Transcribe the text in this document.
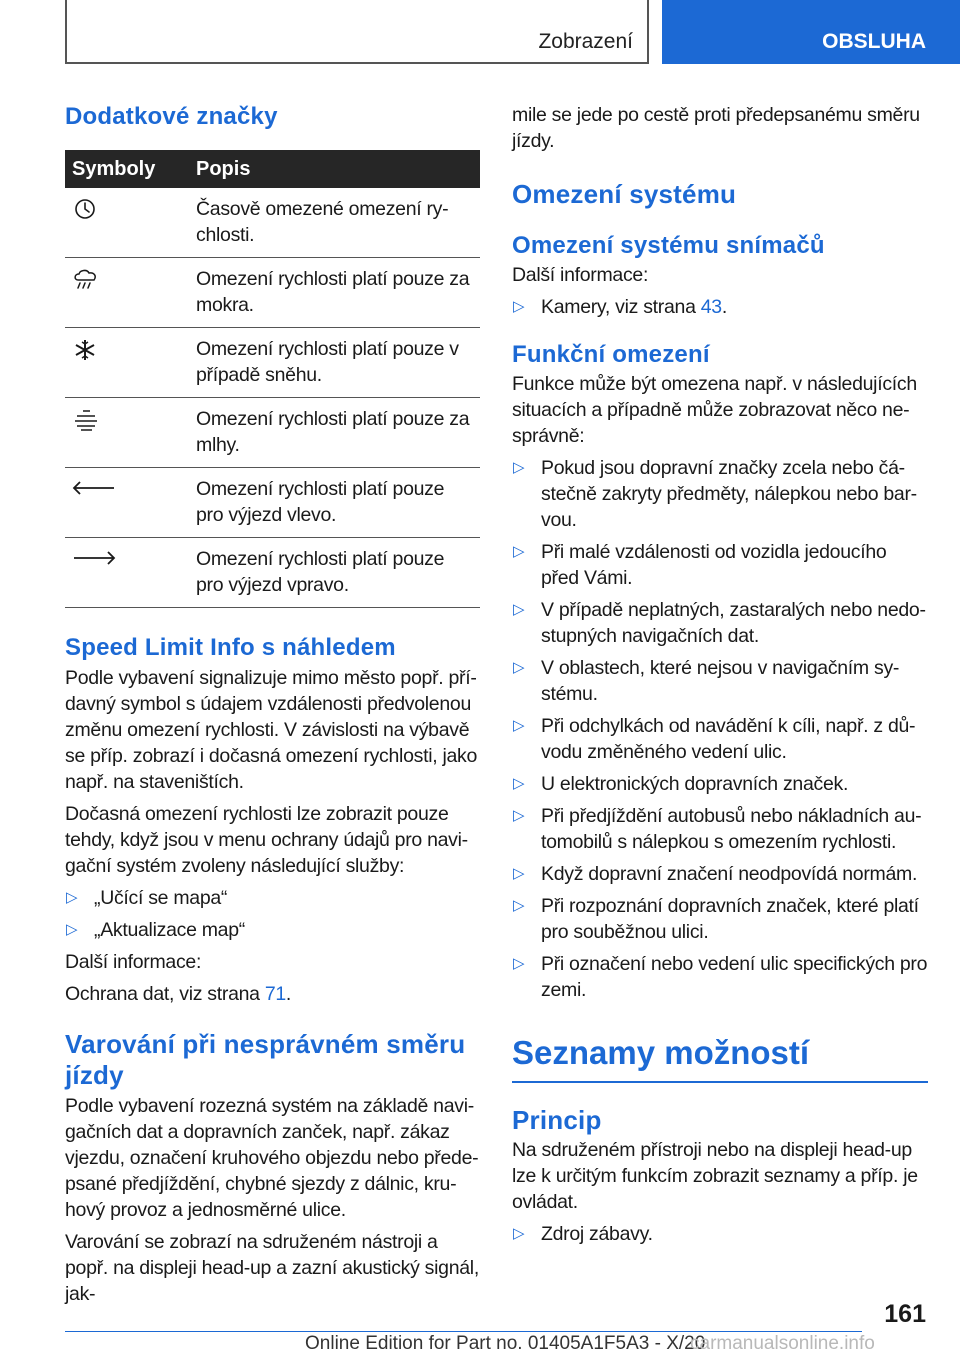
Zobrazení	OBSLUHA
Dodatkové značky
Symboly	Popis

	Časově omezené omezení ry-chlosti.

	Omezení rychlosti platí pouze za mokra.

	Omezení rychlosti platí pouze v případě sněhu.

	Omezení rychlosti platí pouze za mlhy.

	Omezení rychlosti platí pouze pro výjezd vlevo.

	Omezení rychlosti platí pouze pro výjezd vpravo.
Speed Limit Info s náhledem

Podle vybavení signalizuje mimo město popř. pří-davný symbol s údajem vzdálenosti předvolenou změnu omezení rychlosti. V závislosti na výbavě se příp. zobrazí i dočasná omezení rychlosti, jako např. na staveništích.

Dočasná omezení rychlosti lze zobrazit pouze tehdy, když jsou v menu ochrany údajů pro navi-gační systém zvoleny následující služby:

▷ „Učící se mapa“
▷ „Aktualizace map“

Další informace:

Ochrana dat, viz strana 71.

Varování při nesprávném směru jízdy

Podle vybavení rozezná systém na základě navi-gačních dat a dopravních zanček, např. zákaz vjezdu, označení kruhového objezdu nebo přede-psané předjíždění, chybné sjezdy z dálnic, kru-hový provoz a jednosměrné ulice.

Varování se zobrazí na sdruženém nástroji a popř. na displeji head-up a zazní akustický signál, jak-

mile se jede po cestě proti předepsanému směru jízdy.

Omezení systému
Omezení systému snímačů

Další informace:

▷ Kamery, viz strana 43.
Funkční omezení

Funkce může být omezena např. v následujících situacích a případně může zobrazovat něco ne-správně:

▷ Pokud jsou dopravní značky zcela nebo čá-stečně zakryty předměty, nálepkou nebo bar-vou.
▷ Při malé vzdálenosti od vozidla jedoucího před Vámi.
▷ V případě neplatných, zastaralých nebo nedo-stupných navigačních dat.
▷ V oblastech, které nejsou v navigačním sy-stému.
▷ Při odchylkách od navádění k cíli, např. z dů-vodu změněného vedení ulic.
▷ U elektronických dopravních značek.
▷ Při předjíždění autobusů nebo nákladních au-tomobilů s nálepkou s omezením rychlosti.
▷ Když dopravní značení neodpovídá normám.
▷ Při rozpoznání dopravních značek, které platí pro souběžnou ulici.
▷ Při označení nebo vedení ulic specifických pro zemi.
Seznamy možností
Princip

Na sdruženém přístroji nebo na displeji head-up lze k určitým funkcím zobrazit seznamy a příp. je ovládat.

▷ Zdroj zábavy.
161
Online Edition for Part no. 01405A1F5A3 - X/20
carmanualsonline.info
